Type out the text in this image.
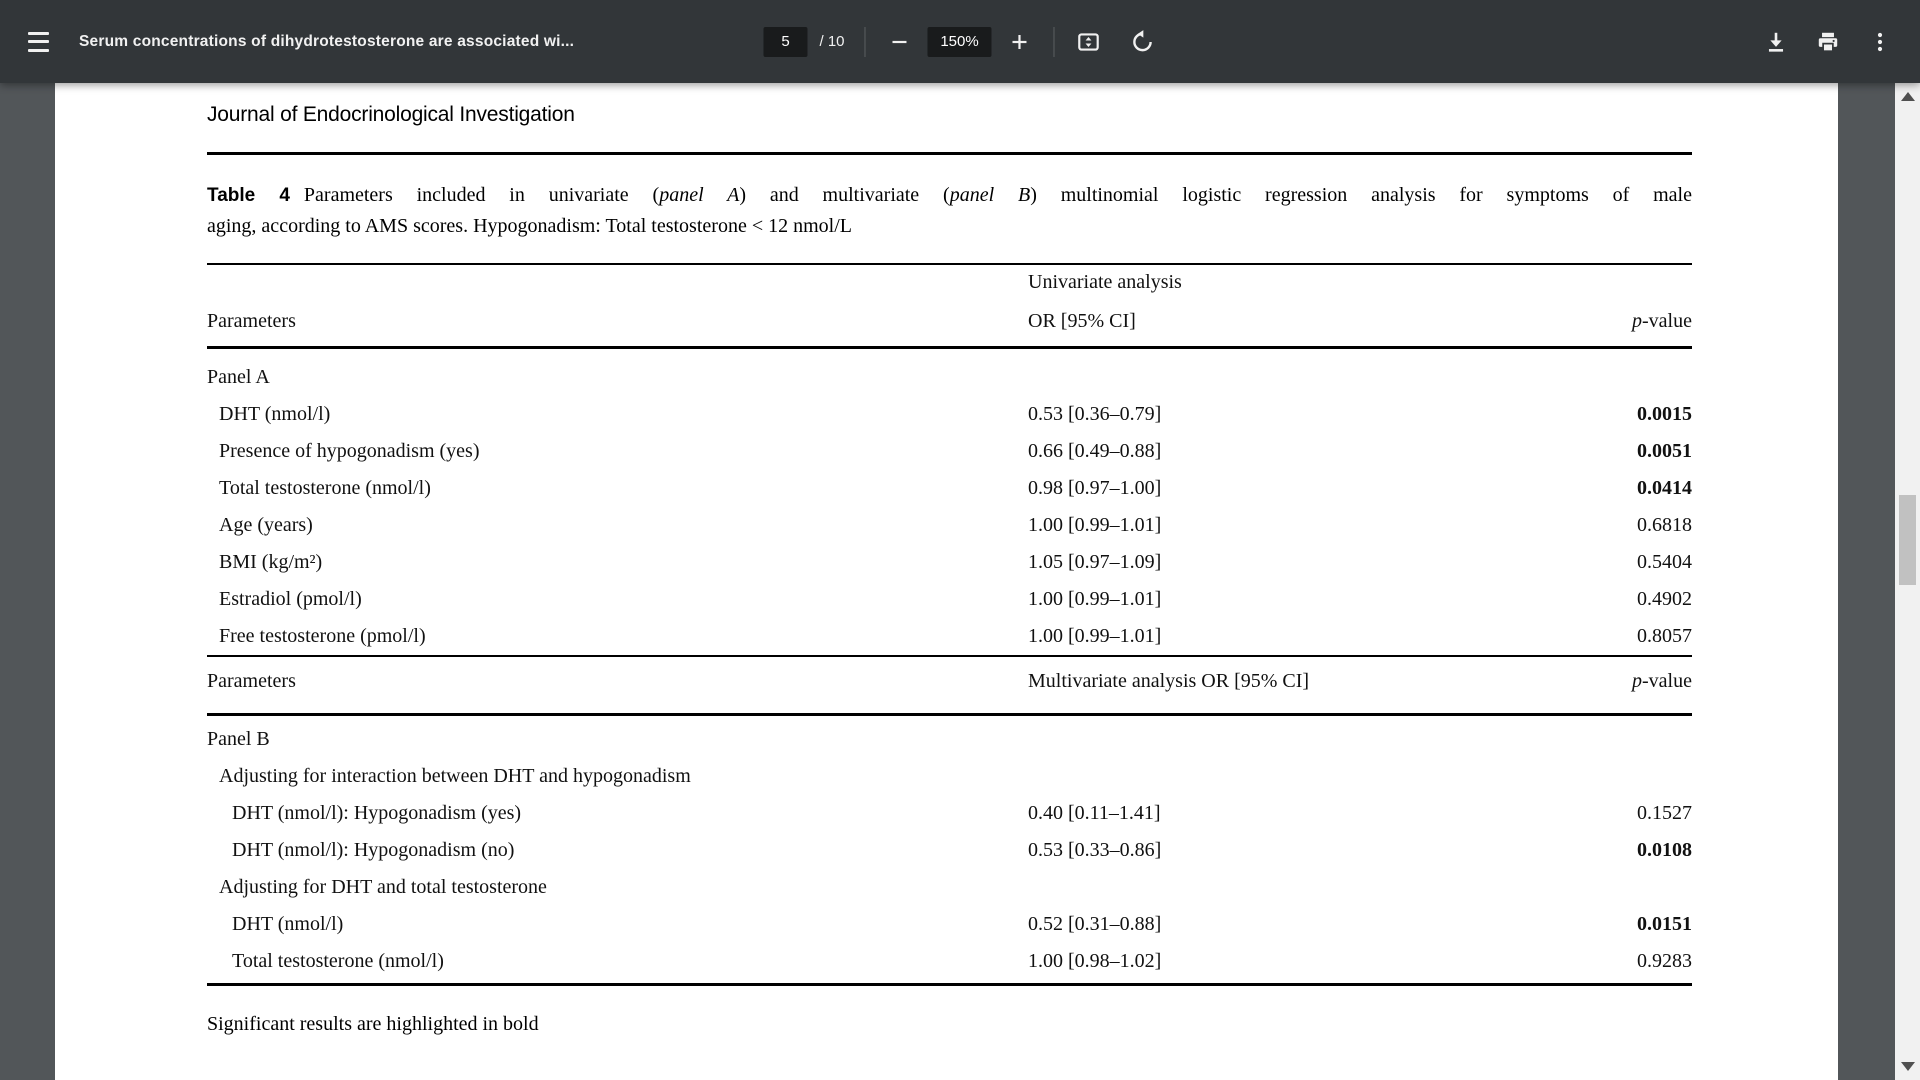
Serum concentrations of dihydrotestosterone are associated wi...
5	/ 10
150%
Journal of Endocrinological Investigation
Table 4 Parameters included in univariate (panel A) and multivariate (panel B) multinomial logistic regression analysis for symptoms of male
aging, according to AMS scores. Hypogonadism: Total testosterone < 12 nmol/L
Univariate analysis
Parameters	OR [95% CI]	p-value
Panel A
DHT (nmol/l)	0.53 [0.36–0.79]	0.0015
Presence of hypogonadism (yes)	0.66 [0.49–0.88]	0.0051
Total testosterone (nmol/l)	0.98 [0.97–1.00]	0.0414
Age (years)	1.00 [0.99–1.01]	0.6818
BMI (kg/m²)	1.05 [0.97–1.09]	0.5404
Estradiol (pmol/l)	1.00 [0.99–1.01]	0.4902
Free testosterone (pmol/l)	1.00 [0.99–1.01]	0.8057
Parameters	Multivariate analysis OR [95% CI]	p-value
Panel B
Adjusting for interaction between DHT and hypogonadism
DHT (nmol/l): Hypogonadism (yes)	0.40 [0.11–1.41]	0.1527
DHT (nmol/l): Hypogonadism (no)	0.53 [0.33–0.86]	0.0108
Adjusting for DHT and total testosterone
DHT (nmol/l)	0.52 [0.31–0.88]	0.0151
Total testosterone (nmol/l)	1.00 [0.98–1.02]	0.9283
Significant results are highlighted in bold
